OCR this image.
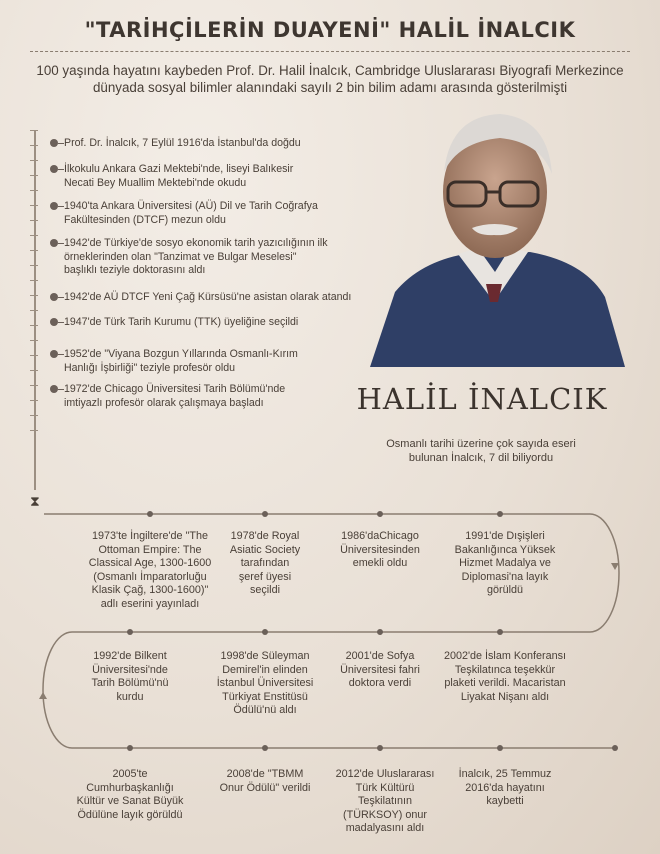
"TARİHÇİLERİN DUAYENİ" HALİL İNALCIK
100 yaşında hayatını kaybeden Prof. Dr. Halil İnalcık, Cambridge Uluslararası Biyografi Merkezince
dünyada sosyal bilimler alanındaki sayılı 2 bin bilim adamı arasında gösterilmişti
Prof. Dr. İnalcık, 7 Eylül 1916'da İstanbul'da doğdu
İlkokulu Ankara Gazi Mektebi'nde, liseyi Balıkesir
Necati Bey Muallim Mektebi'nde okudu
1940'ta Ankara Üniversitesi (AÜ) Dil ve Tarih Coğrafya
Fakültesinden (DTCF) mezun oldu
1942'de Türkiye'de sosyo ekonomik tarih yazıcılığının ilk
örneklerinden olan "Tanzimat ve Bulgar Meselesi"
başlıklı teziyle doktorasını aldı
1942'de AÜ DTCF Yeni Çağ Kürsüsü'ne asistan olarak atandı
1947'de Türk Tarih Kurumu (TTK) üyeliğine seçildi
1952'de "Viyana Bozgun Yıllarında Osmanlı-Kırım
Hanlığı İşbirliği" teziyle profesör oldu
1972'de Chicago Üniversitesi Tarih Bölümü'nde
imtiyazlı profesör olarak çalışmaya başladı	HALİL İNALCIK
Osmanlı tarihi üzerine çok sayıda eseri
bulunan İnalcık, 7 dil biliyordu
⧗
1973'te İngiltere'de "The
Ottoman Empire: The
Classical Age, 1300-1600
(Osmanlı İmparatorluğu
Klasik Çağ, 1300-1600)"
adlı eserini yayınladı
1978'de Royal
Asiatic Society
tarafından
şeref üyesi
seçildi
1986'daChicago
Üniversitesinden
emekli oldu
1991'de Dışişleri
Bakanlığınca Yüksek
Hizmet Madalya ve
Diplomasi'na layık
görüldü
1992'de Bilkent
Üniversitesi'nde
Tarih Bölümü'nü
kurdu
1998'de Süleyman
Demirel'in elinden
İstanbul Üniversitesi
Türkiyat Enstitüsü
Ödülü'nü aldı
2001'de Sofya
Üniversitesi fahri
doktora verdi
2002'de İslam Konferansı
Teşkilatınca teşekkür
plaketi verildi. Macaristan
Liyakat Nişanı aldı
2005'te
Cumhurbaşkanlığı
Kültür ve Sanat Büyük
Ödülüne layık görüldü
2008'de "TBMM
Onur Ödülü" verildi
2012'de Uluslararası
Türk Kültürü
Teşkilatının
(TÜRKSOY) onur
madalyasını aldı
İnalcık, 25 Temmuz
2016'da hayatını
kaybetti
